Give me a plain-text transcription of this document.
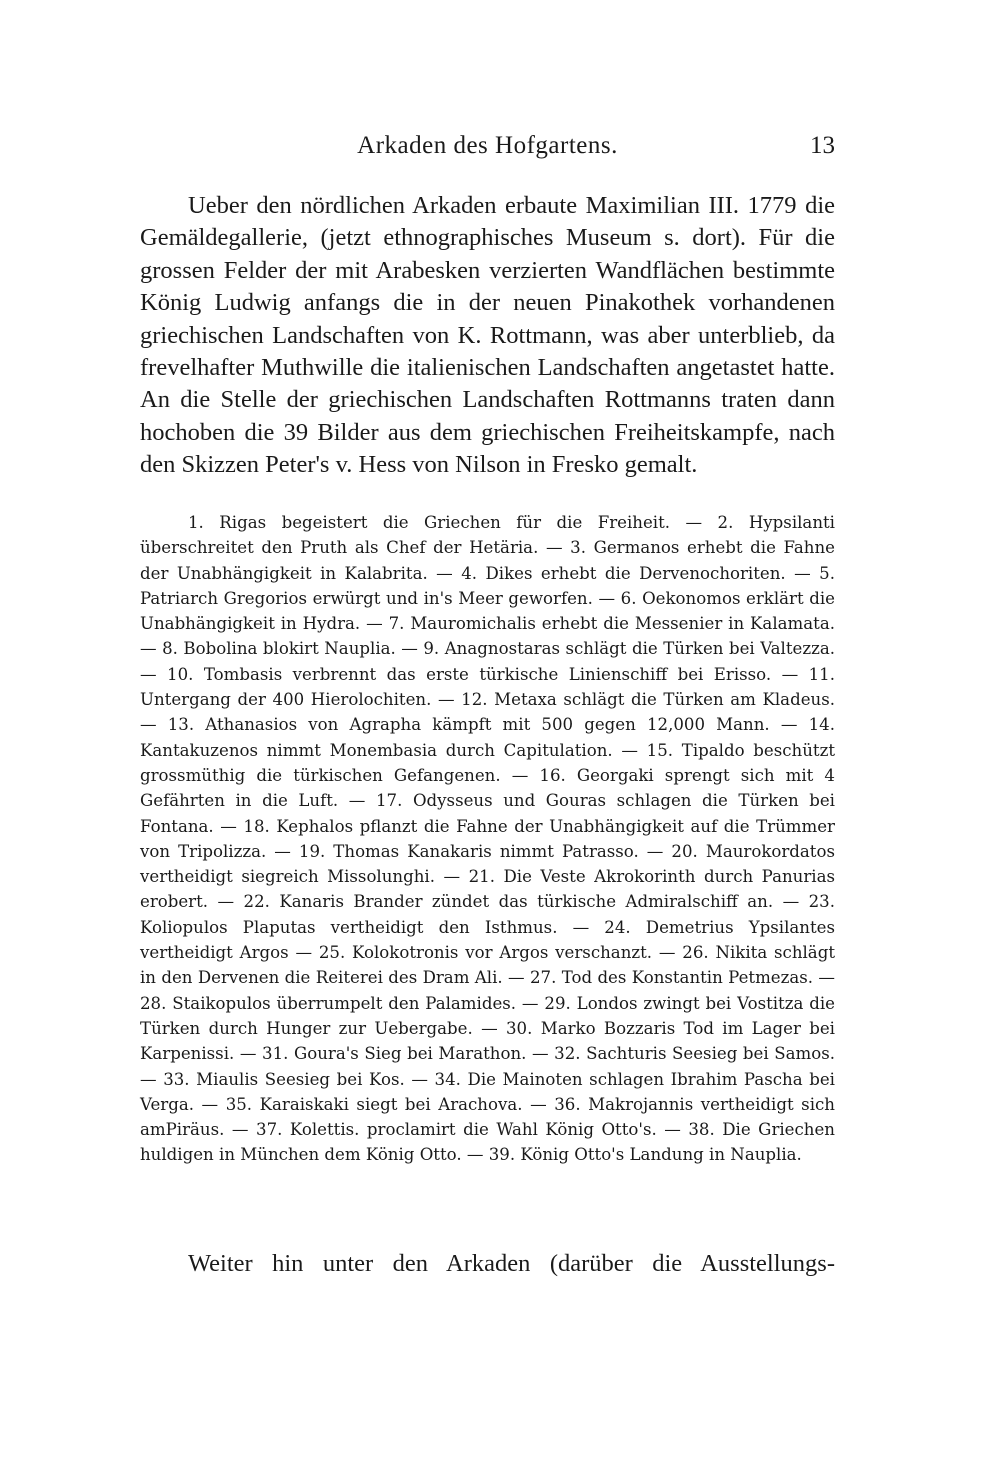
Arkaden des Hofgartens.	13

Ueber den nördlichen Arkaden erbaute Maximilian III. 1779 die Gemäldegallerie, (jetzt ethnographisches Museum s. dort). Für die grossen Felder der mit Arabesken verzierten Wandflächen bestimmte König Ludwig anfangs die in der neuen Pinakothek vorhandenen griechischen Landschaften von K. Rottmann, was aber unterblieb, da frevelhafter Muthwille die italienischen Landschaften angetastet hatte. An die Stelle der griechischen Landschaften Rottmanns traten dann hochoben die 39 Bilder aus dem griechischen Freiheitskampfe, nach den Skizzen Peter's v. Hess von Nilson in Fresko gemalt.

1. Rigas begeistert die Griechen für die Freiheit. — 2. Hypsilanti überschreitet den Pruth als Chef der Hetäria. — 3. Germanos erhebt die Fahne der Unabhängigkeit in Kalabrita. — 4. Dikes erhebt die Dervenochoriten. — 5. Patriarch Gregorios erwürgt und in's Meer geworfen. — 6. Oekonomos erklärt die Unabhängigkeit in Hydra. — 7. Mauromichalis erhebt die Messenier in Kalamata. — 8. Bobolina blokirt Nauplia. — 9. Anagnostaras schlägt die Türken bei Valtezza. — 10. Tombasis verbrennt das erste türkische Linienschiff bei Erisso. — 11. Untergang der 400 Hierolochiten. — 12. Metaxa schlägt die Türken am Kladeus. — 13. Athanasios von Agrapha kämpft mit 500 gegen 12,000 Mann. — 14. Kantakuzenos nimmt Monembasia durch Capitulation. — 15. Tipaldo beschützt grossmüthig die türkischen Gefangenen. — 16. Georgaki sprengt sich mit 4 Gefährten in die Luft. — 17. Odysseus und Gouras schlagen die Türken bei Fontana. — 18. Kephalos pflanzt die Fahne der Unabhängigkeit auf die Trümmer von Tripolizza. — 19. Thomas Kanakaris nimmt Patrasso. — 20. Maurokordatos vertheidigt siegreich Missolunghi. — 21. Die Veste Akrokorinth durch Panurias erobert. — 22. Kanaris Brander zündet das türkische Admiralschiff an. — 23. Koliopulos Plaputas vertheidigt den Isthmus. — 24. Demetrius Ypsilantes vertheidigt Argos — 25. Kolokotronis vor Argos verschanzt. — 26. Nikita schlägt in den Dervenen die Reiterei des Dram Ali. — 27. Tod des Konstantin Petmezas. — 28. Staikopulos überrumpelt den Palamides. — 29. Londos zwingt bei Vostitza die Türken durch Hunger zur Uebergabe. — 30. Marko Bozzaris Tod im Lager bei Karpenissi. — 31. Goura's Sieg bei Marathon. — 32. Sachturis Seesieg bei Samos. — 33. Miaulis Seesieg bei Kos. — 34. Die Mainoten schlagen Ibrahim Pascha bei Verga. — 35. Karaiskaki siegt bei Arachova. — 36. Makrojannis vertheidigt sich amPiräus. — 37. Kolettis. proclamirt die Wahl König Otto's. — 38. Die Griechen huldigen in München dem König Otto. — 39. König Otto's Landung in Nauplia.

Weiter hin unter den Arkaden (darüber die Ausstellungs-
